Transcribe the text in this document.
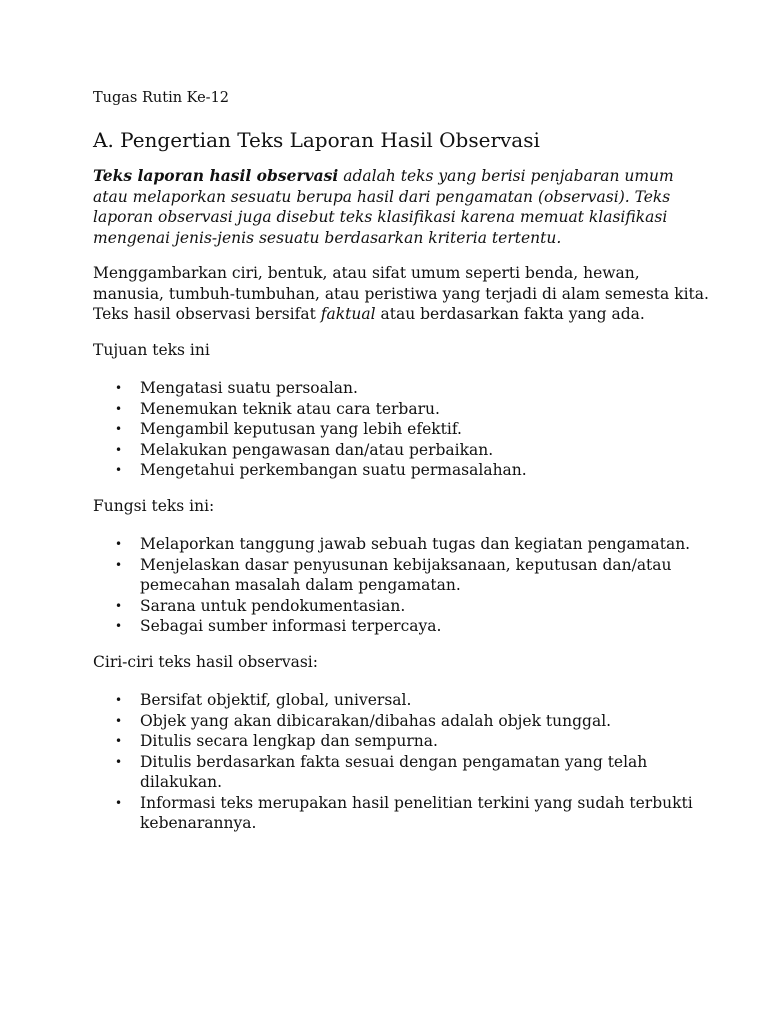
Tugas Rutin Ke-12
A. Pengertian Teks Laporan Hasil Observasi

Teks laporan hasil observasi adalah teks yang berisi penjabaran umum atau melaporkan sesuatu berupa hasil dari pengamatan (observasi). Teks laporan observasi juga disebut teks klasifikasi karena memuat klasifikasi mengenai jenis-jenis sesuatu berdasarkan kriteria tertentu.

Menggambarkan ciri, bentuk, atau sifat umum seperti benda, hewan, manusia, tumbuh-tumbuhan, atau peristiwa yang terjadi di alam semesta kita. Teks hasil observasi bersifat faktual atau berdasarkan fakta yang ada.

Tujuan teks ini

• Mengatasi suatu persoalan.
• Menemukan teknik atau cara terbaru.
• Mengambil keputusan yang lebih efektif.
• Melakukan pengawasan dan/atau perbaikan.
• Mengetahui perkembangan suatu permasalahan.

Fungsi teks ini:

• Melaporkan tanggung jawab sebuah tugas dan kegiatan pengamatan.
• Menjelaskan dasar penyusunan kebijaksanaan, keputusan dan/atau pemecahan masalah dalam pengamatan.
• Sarana untuk pendokumentasian.
• Sebagai sumber informasi terpercaya.

Ciri-ciri teks hasil observasi:

• Bersifat objektif, global, universal.
• Objek yang akan dibicarakan/dibahas adalah objek tunggal.
• Ditulis secara lengkap dan sempurna.
• Ditulis berdasarkan fakta sesuai dengan pengamatan yang telah dilakukan.
• Informasi teks merupakan hasil penelitian terkini yang sudah terbukti kebenarannya.
